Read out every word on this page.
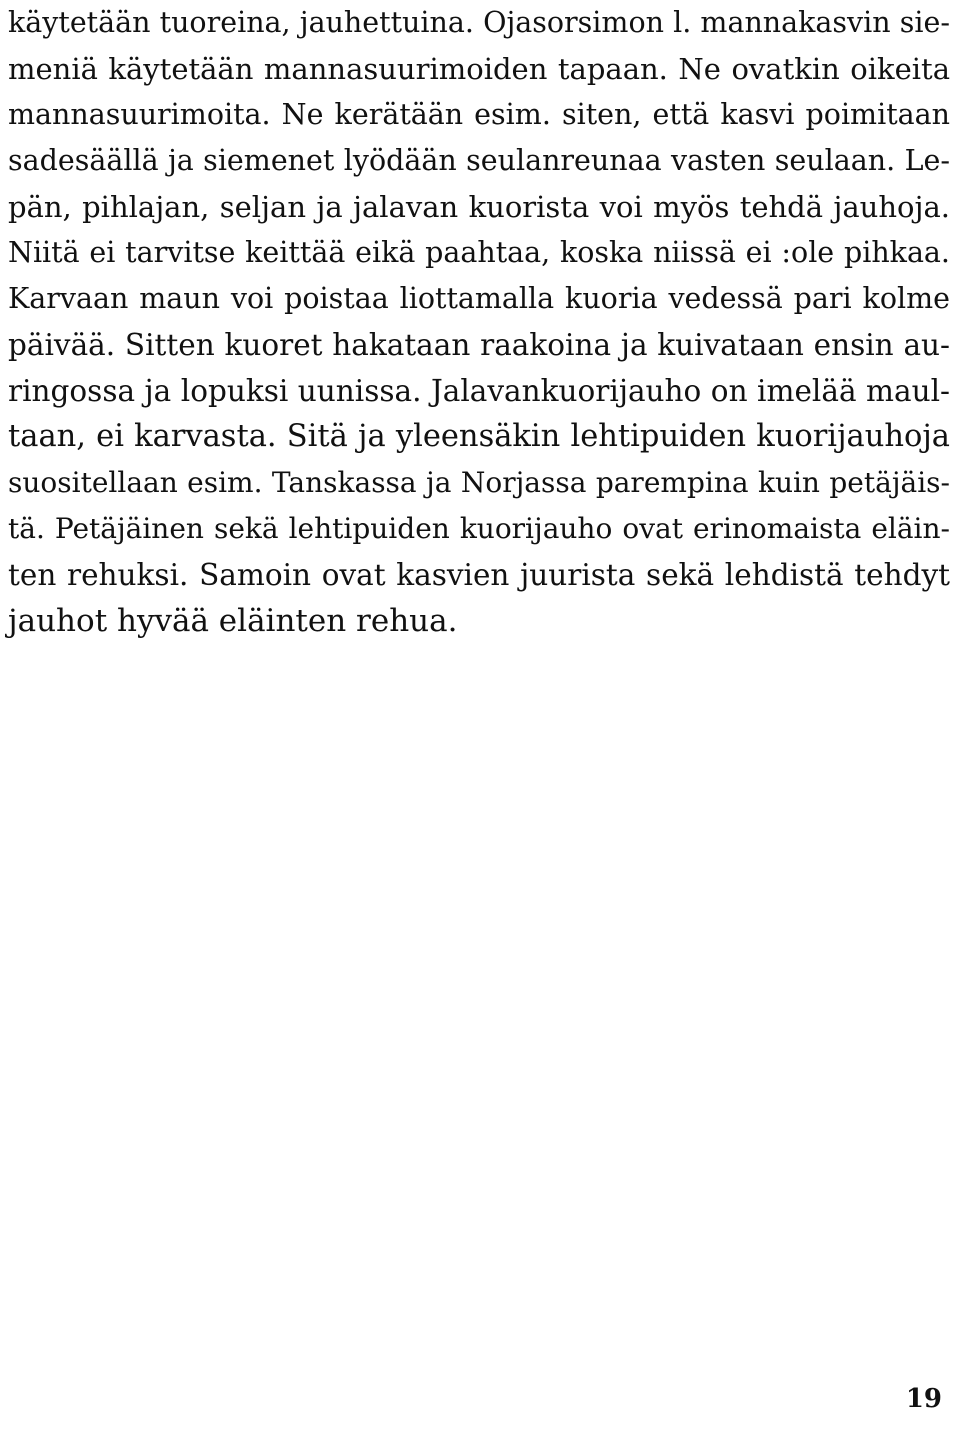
käytetään tuoreina, jauhettuina. Ojasorsimon l. mannakasvin sie-
meniä käytetään mannasuurimoiden tapaan. Ne ovatkin oikeita
mannasuurimoita. Ne kerätään esim. siten, että kasvi poimitaan
sadesäällä ja siemenet lyödään seulanreunaa vasten seulaan. Le-
pän, pihlajan, seljan ja jalavan kuorista voi myös tehdä jauhoja.
Niitä ei tarvitse keittää eikä paahtaa, koska niissä ei :ole pihkaa.
Karvaan maun voi poistaa liottamalla kuoria vedessä pari kolme
päivää. Sitten kuoret hakataan raakoina ja kuivataan ensin au-
ringossa ja lopuksi uunissa. Jalavankuorijauho on imelää maul-
taan, ei karvasta. Sitä ja yleensäkin lehtipuiden kuorijauhoja
suositellaan esim. Tanskassa ja Norjassa parempina kuin petäjäis-
tä. Petäjäinen sekä lehtipuiden kuorijauho ovat erinomaista eläin-
ten rehuksi. Samoin ovat kasvien juurista sekä lehdistä tehdyt
jauhot hyvää eläinten rehua.
19
